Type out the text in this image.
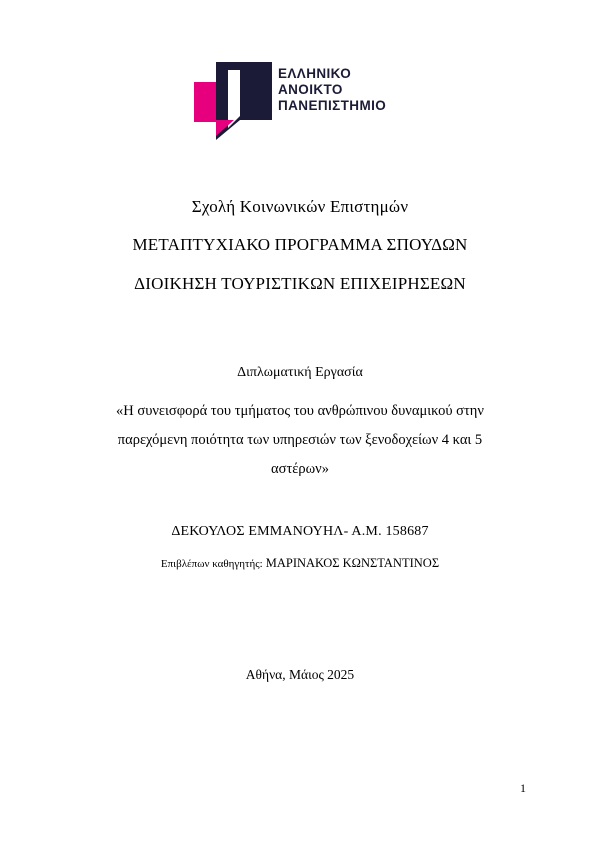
ΕΛΛΗΝΙΚΟ
ΑΝΟΙΚΤΟ
ΠΑΝΕΠΙΣΤΗΜΙΟ
Σχολή Κοινωνικών Επιστημών
ΜΕΤΑΠΤΥΧΙΑΚΟ ΠΡΟΓΡΑΜΜΑ ΣΠΟΥΔΩΝ
ΔΙΟΙΚΗΣΗ ΤΟΥΡΙΣΤΙΚΩΝ ΕΠΙΧΕΙΡΗΣΕΩΝ
Διπλωματική Εργασία
«Η συνεισφορά του τμήματος του ανθρώπινου δυναμικού στην
παρεχόμενη ποιότητα των υπηρεσιών των ξενοδοχείων 4 και 5
αστέρων»
ΔΕΚΟΥΛΟΣ ΕΜΜΑΝΟΥΗΛ- Α.Μ. 158687
Επιβλέπων καθηγητής: ΜΑΡΙΝΑΚΟΣ ΚΩΝΣΤΑΝΤΙΝΟΣ
Αθήνα, Μάιος 2025
1
